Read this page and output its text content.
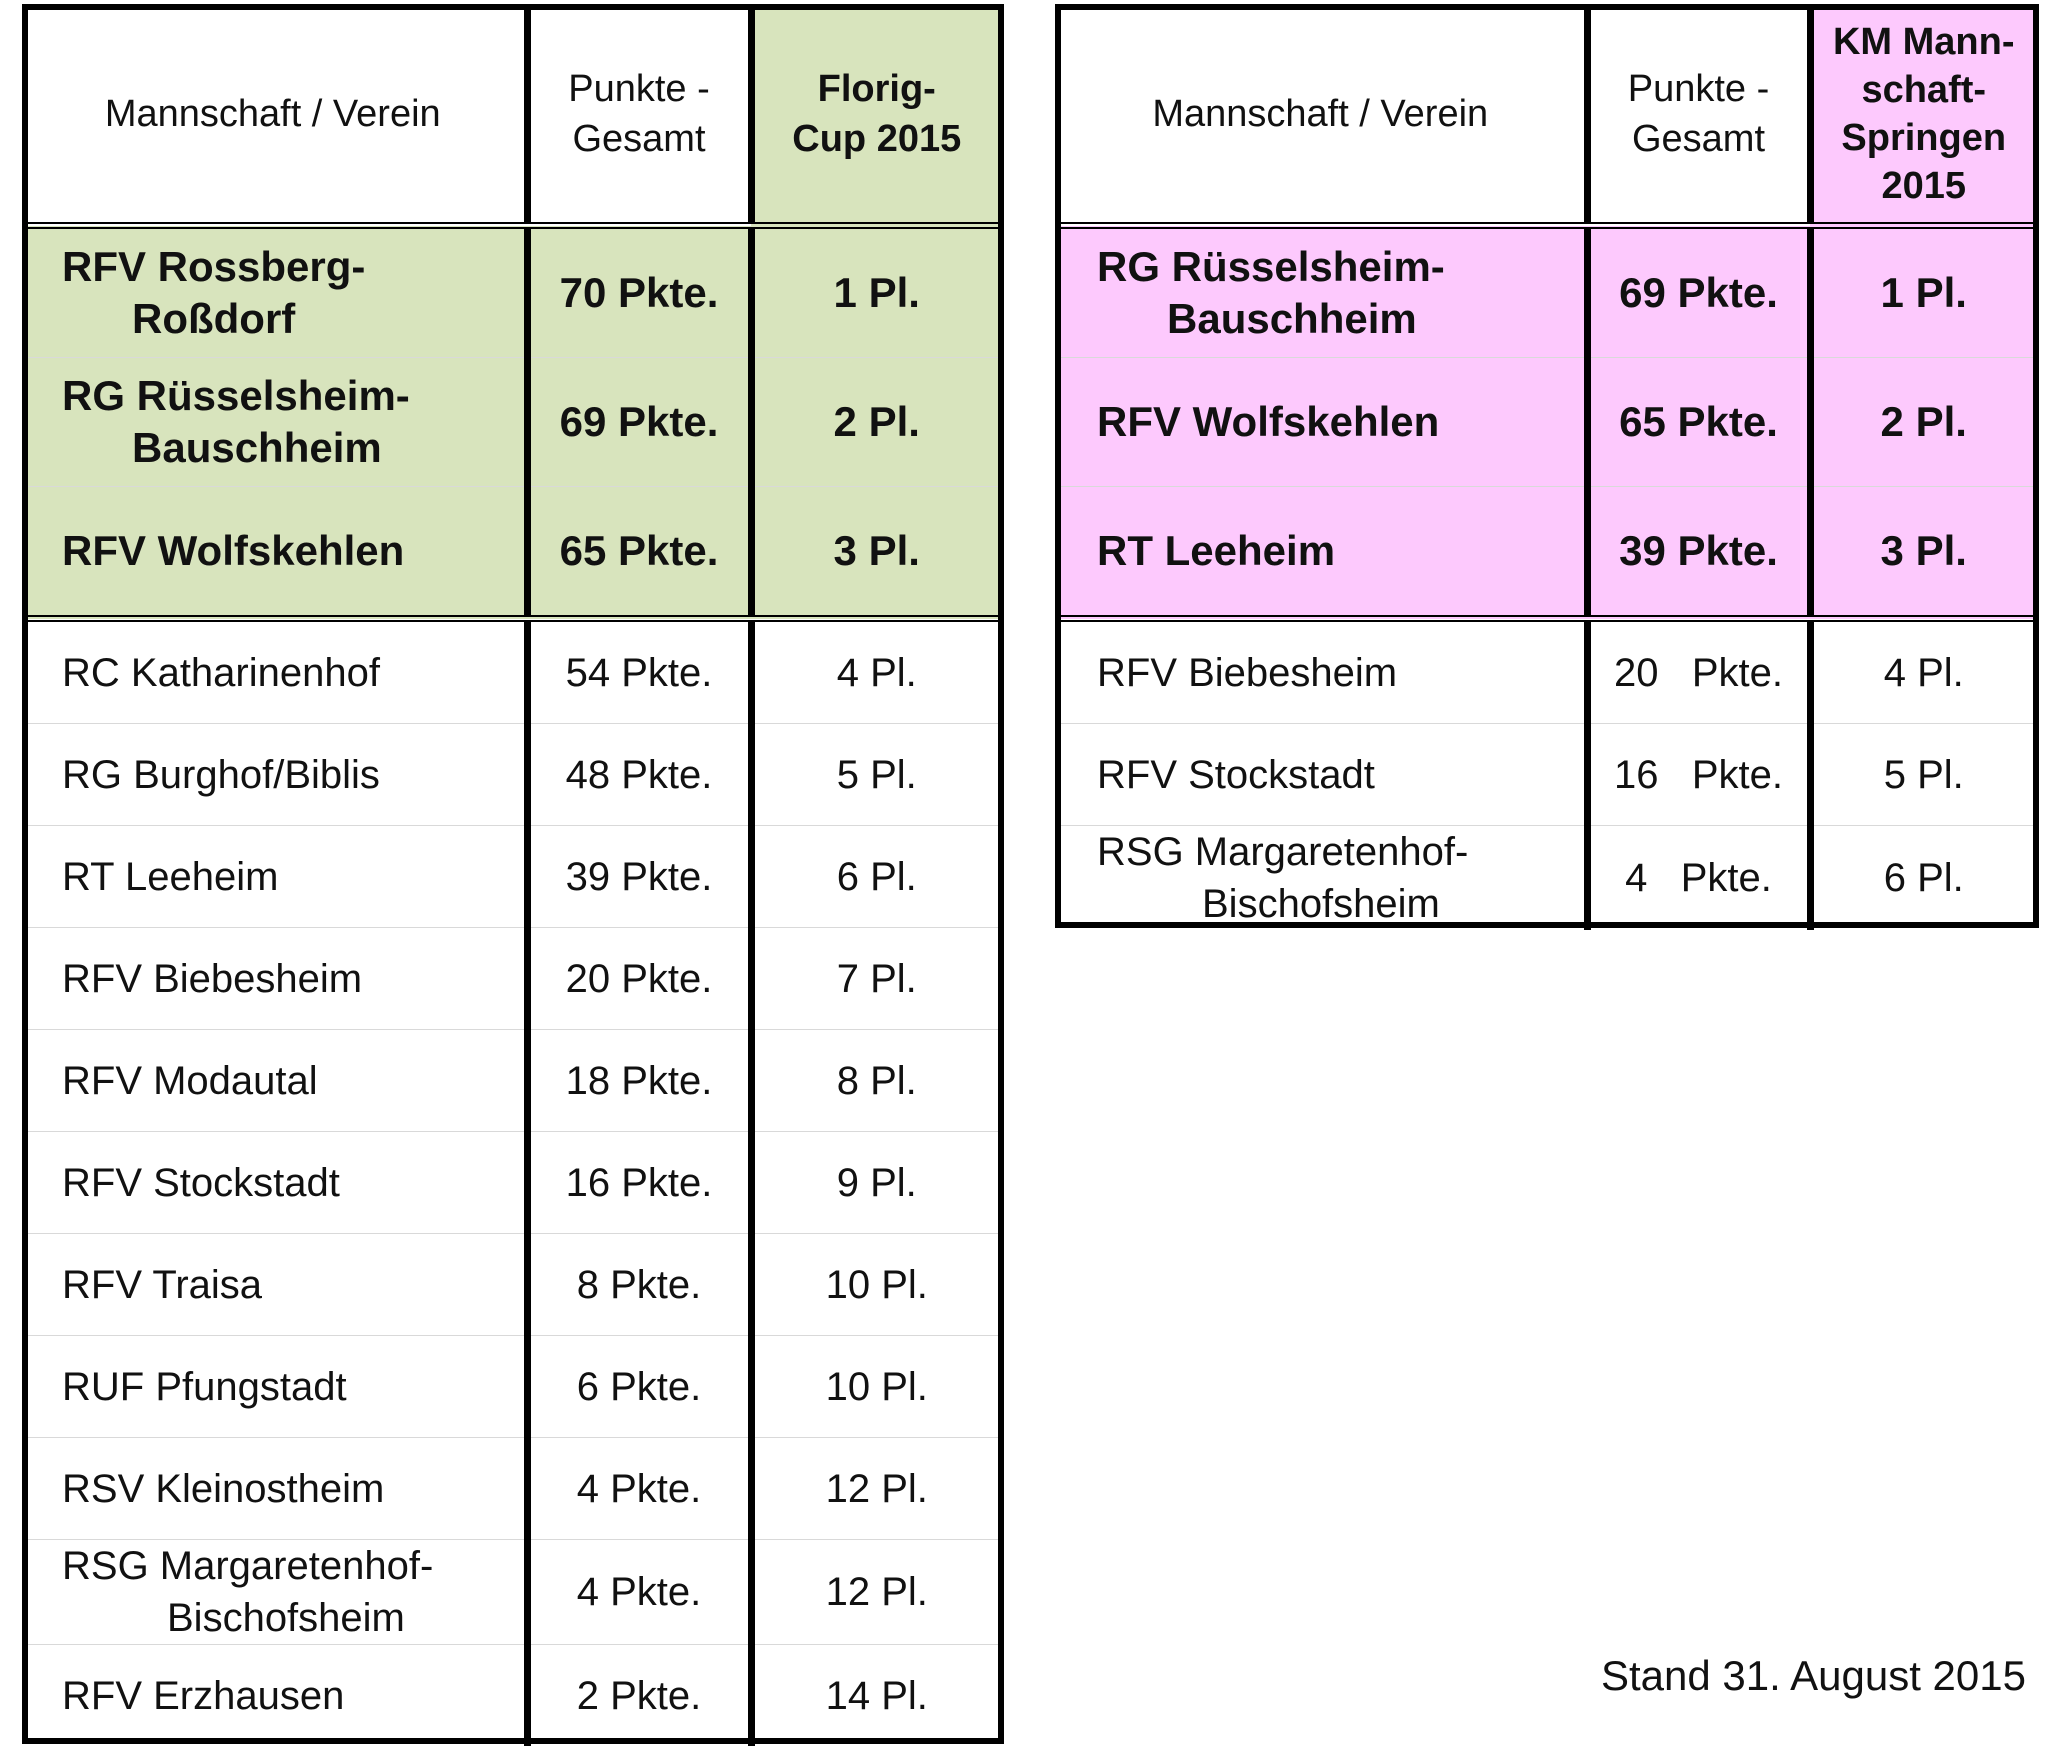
Mannschaft / Verein	Punkte - Gesamt	Florig-Cup 2015
RFV Rossberg-
Roßdorf	70 Pkte.	1 Pl.
RG Rüsselsheim-
Bauschheim	69 Pkte.	2 Pl.
RFV Wolfskehlen	65 Pkte.	3 Pl.
RC Katharinenhof	54 Pkte.	4 Pl.
RG Burghof/Biblis	48 Pkte.	5 Pl.
RT Leeheim	39 Pkte.	6 Pl.
RFV Biebesheim	20 Pkte.	7 Pl.
RFV Modautal	18 Pkte.	8 Pl.
RFV Stockstadt	16 Pkte.	9 Pl.
RFV Traisa	8 Pkte.	10 Pl.
RUF Pfungstadt	6 Pkte.	10 Pl.
RSV Kleinostheim	4 Pkte.	12 Pl.
RSG Margaretenhof-
Bischofsheim	4 Pkte.	12 Pl.
RFV Erzhausen	2 Pkte.	14 Pl.
Mannschaft / Verein	Punkte - Gesamt	KM Mann-schaft-Springen 2015
RG Rüsselsheim-
Bauschheim	69 Pkte.	1 Pl.
RFV Wolfskehlen	65 Pkte.	2 Pl.
RT Leeheim	39 Pkte.	3 Pl.
RFV Biebesheim	20   Pkte.	4 Pl.
RFV Stockstadt	16   Pkte.	5 Pl.
RSG Margaretenhof-
Bischofsheim	4   Pkte.	6 Pl.
Stand 31. August 2015
